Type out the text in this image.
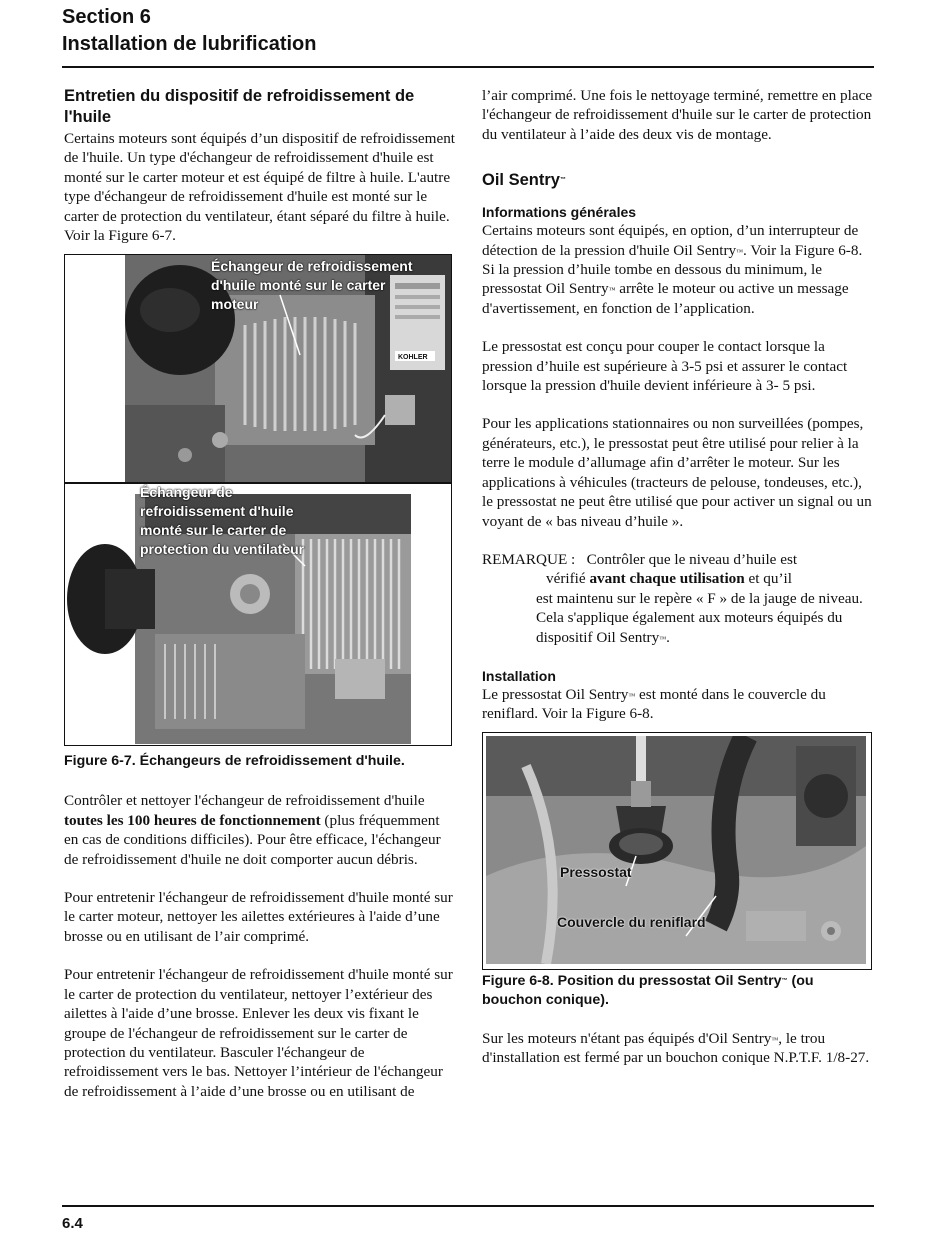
Section 6
Installation de lubrification
Entretien du dispositif de refroidissement de l'huile

Certains moteurs sont équipés d’un dispositif de refroidissement de l'huile. Un type d'échangeur de refroidissement d'huile est monté sur le carter moteur et est équipé de filtre à huile. L'autre type d'échangeur de refroidissement d'huile est monté sur le carter de protection du ventilateur, étant séparé du filtre à huile. Voir la Figure 6-7.

KOHLER
Échangeur de refroidissement d'huile monté sur le carter moteur
Échangeur de refroidissement d'huile monté sur le carter de protection du ventilateur

Figure 6-7. Échangeurs de refroidissement d'huile.

Contrôler et nettoyer l'échangeur de refroidissement d'huile toutes les 100 heures de fonctionnement (plus fréquemment en cas de conditions difficiles). Pour être efficace, l'échangeur de refroidissement d'huile ne doit comporter aucun débris.

Pour entretenir l'échangeur de refroidissement d'huile monté sur le carter moteur, nettoyer les ailettes extérieures à l'aide d’une brosse ou en utilisant de l’air comprimé.

Pour entretenir l'échangeur de refroidissement d'huile monté sur le carter de protection du ventilateur, nettoyer l’extérieur des ailettes à l'aide d’une brosse. Enlever les deux vis fixant le groupe de l'échangeur de refroidissement sur le carter de protection du ventilateur. Basculer l'échangeur de refroidissement vers le bas. Nettoyer l’intérieur de l'échangeur de refroidissement à l’aide d’une brosse ou en utilisant de

l’air comprimé. Une fois le nettoyage terminé, remettre en place l'échangeur de refroidissement d'huile sur le carter de protection du ventilateur à l’aide des deux vis de montage.

Oil Sentry™
Informations générales

Certains moteurs sont équipés, en option, d’un interrupteur de détection de la pression d'huile Oil Sentry™. Voir la Figure 6-8. Si la pression d’huile tombe en dessous du minimum, le pressostat Oil Sentry™ arrête le moteur ou active un message d'avertissement, en fonction de l’application.

Le pressostat est conçu pour couper le contact lorsque la pression d’huile est supérieure à 3-5 psi et assurer le contact lorsque la pression d'huile devient inférieure à 3- 5 psi.

Pour les applications stationnaires ou non surveillées (pompes, générateurs, etc.), le pressostat peut être utilisé pour relier à la terre le module d’allumage afin d’arrêter le moteur. Sur les applications à véhicules (tracteurs de pelouse, tondeuses, etc.), le pressostat ne peut être utilisé que pour activer un signal ou un voyant de « bas niveau d’huile ».

REMARQUE : Contrôler que le niveau d’huile est
vérifié avant chaque utilisation et qu’il
est maintenu sur le repère « F » de la jauge de niveau. Cela s'applique également aux moteurs équipés du dispositif Oil Sentry™.
Installation

Le pressostat Oil Sentry™ est monté dans le couvercle du reniflard. Voir la Figure 6-8.

Pressostat
Couvercle du reniflard

Figure 6-8. Position du pressostat Oil Sentry™ (ou bouchon conique).

Sur les moteurs n'étant pas équipés d'Oil Sentry™, le trou d'installation est fermé par un bouchon conique N.P.T.F. 1/8-27.

6.4
